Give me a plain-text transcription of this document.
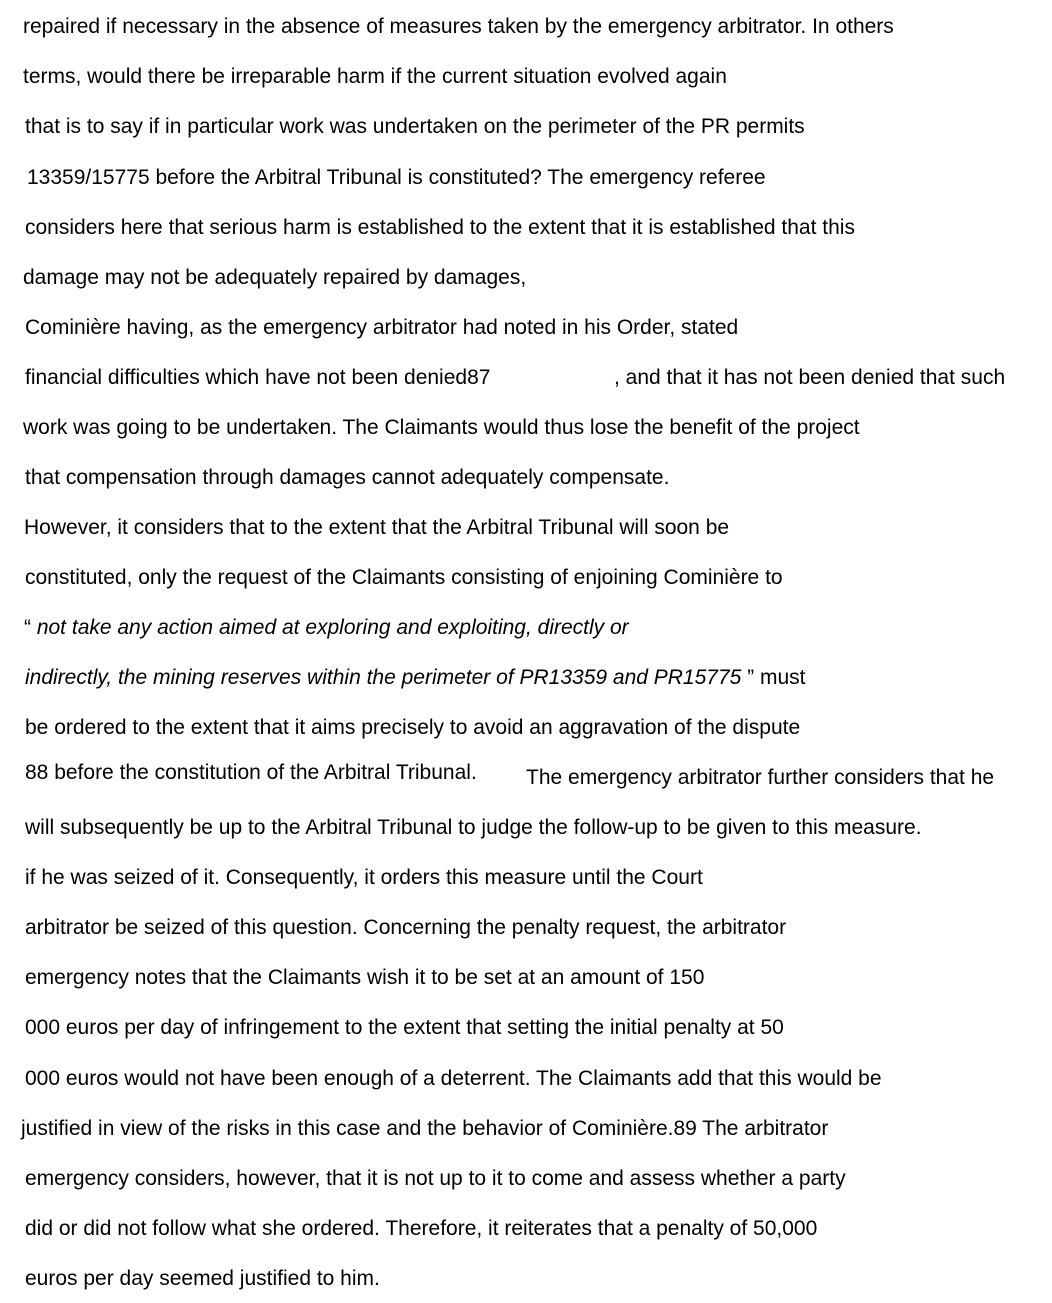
repaired if necessary in the absence of measures taken by the emergency arbitrator. In others
terms, would there be irreparable harm if the current situation evolved again
that is to say if in particular work was undertaken on the perimeter of the PR permits
13359/15775 before the Arbitral Tribunal is constituted? The emergency referee
considers here that serious harm is established to the extent that it is established that this
damage may not be adequately repaired by damages,
Cominière having, as the emergency arbitrator had noted in his Order, stated
financial difficulties which have not been denied87	, and that it has not been denied that such
work was going to be undertaken. The Claimants would thus lose the benefit of the project
that compensation through damages cannot adequately compensate.
However, it considers that to the extent that the Arbitral Tribunal will soon be
constituted, only the request of the Claimants consisting of enjoining Cominière to
“ not take any action aimed at exploring and exploiting, directly or
indirectly, the mining reserves within the perimeter of PR13359 and PR15775 ” must
be ordered to the extent that it aims precisely to avoid an aggravation of the dispute
88 before the constitution of the Arbitral Tribunal. The emergency arbitrator further considers that he
will subsequently be up to the Arbitral Tribunal to judge the follow-up to be given to this measure.
if he was seized of it. Consequently, it orders this measure until the Court
arbitrator be seized of this question. Concerning the penalty request, the arbitrator
emergency notes that the Claimants wish it to be set at an amount of 150
000 euros per day of infringement to the extent that setting the initial penalty at 50
000 euros would not have been enough of a deterrent. The Claimants add that this would be
justified in view of the risks in this case and the behavior of Cominière.89 The arbitrator
emergency considers, however, that it is not up to it to come and assess whether a party
did or did not follow what she ordered. Therefore, it reiterates that a penalty of 50,000
euros per day seemed justified to him.
